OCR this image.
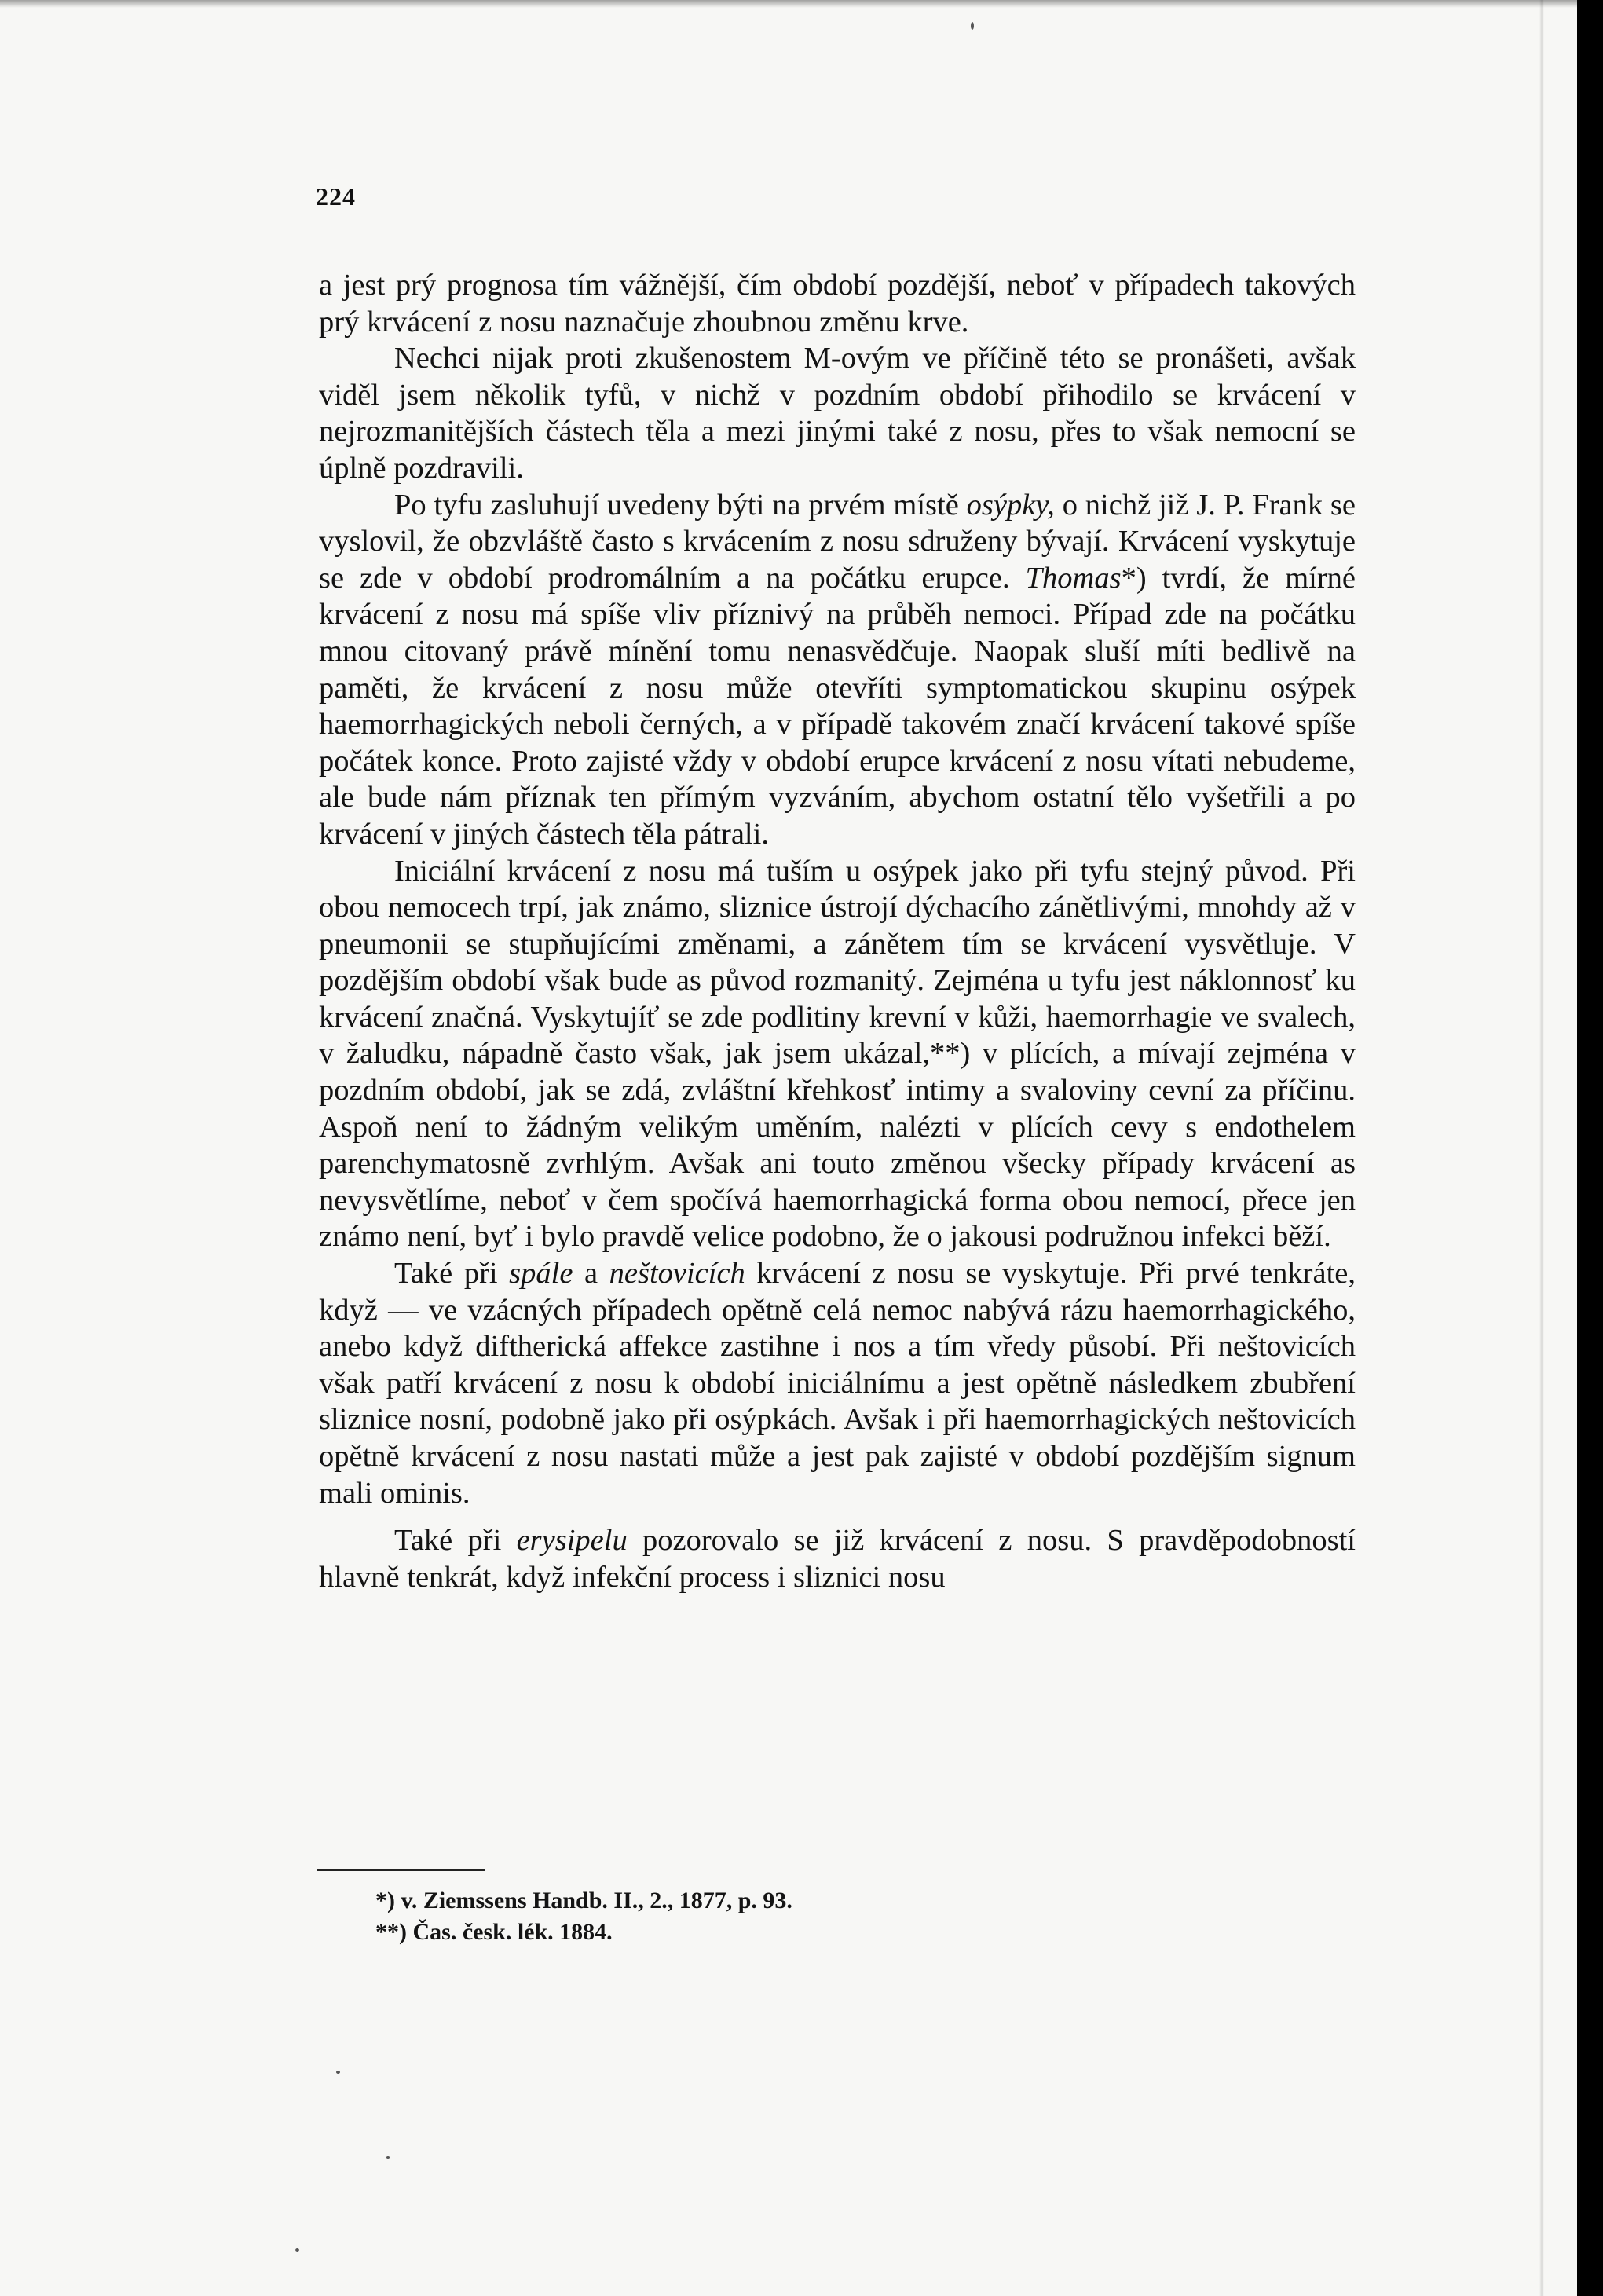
224

a jest prý prognosa tím vážnější, čím období pozdější, neboť v případech takových prý krvácení z nosu naznačuje zhoubnou změnu krve.

Nechci nijak proti zkušenostem M-ovým ve příčině této se pronášeti, avšak viděl jsem několik tyfů, v nichž v pozdním období přihodilo se krvácení v nejrozmanitějších částech těla a mezi jinými také z nosu, přes to však nemocní se úplně pozdravili.

Po tyfu zasluhují uvedeny býti na prvém místě osýpky, o nichž již J. P. Frank se vyslovil, že obzvláště často s krvácením z nosu sdruženy bývají. Krvácení vyskytuje se zde v období prodromálním a na počátku erupce. Thomas*) tvrdí, že mírné krvácení z nosu má spíše vliv příznivý na průběh nemoci. Případ zde na počátku mnou citovaný právě mínění tomu nenasvědčuje. Naopak sluší míti bedlivě na paměti, že krvácení z nosu může otevříti symptomatickou skupinu osýpek haemorrhagických neboli černých, a v případě takovém značí krvácení takové spíše počátek konce. Proto zajisté vždy v období erupce krvácení z nosu vítati nebudeme, ale bude nám příznak ten přímým vyzváním, abychom ostatní tělo vyšetřili a po krvácení v jiných částech těla pátrali.

Iniciální krvácení z nosu má tuším u osýpek jako při tyfu stejný původ. Při obou nemocech trpí, jak známo, sliznice ústrojí dýchacího zánětlivými, mnohdy až v pneumonii se stupňujícími změnami, a zánětem tím se krvácení vysvětluje. V pozdějším období však bude as původ rozmanitý. Zejména u tyfu jest náklonnosť ku krvácení značná. Vyskytujíť se zde podlitiny krevní v kůži, haemorrhagie ve svalech, v žaludku, nápadně často však, jak jsem ukázal,**) v plících, a mívají zejména v pozdním období, jak se zdá, zvláštní křehkosť intimy a svaloviny cevní za příčinu. Aspoň není to žádným velikým uměním, nalézti v plících cevy s endothelem parenchymatosně zvrhlým. Avšak ani touto změnou všecky případy krvácení as nevysvětlíme, neboť v čem spočívá haemorrhagická forma obou nemocí, přece jen známo není, byť i bylo pravdě velice podobno, že o jakousi podružnou infekci běží.

Také při spále a neštovicích krvácení z nosu se vyskytuje. Při prvé tenkráte, když — ve vzácných případech opětně celá nemoc nabývá rázu haemorrhagického, anebo když diftherická affekce zastihne i nos a tím vředy působí. Při neštovicích však patří krvácení z nosu k období iniciálnímu a jest opětně následkem zbubření sliznice nosní, podobně jako při osýpkách. Avšak i při haemorrhagických neštovicích opětně krvácení z nosu nastati může a jest pak zajisté v období pozdějším signum mali ominis.

Také při erysipelu pozorovalo se již krvácení z nosu. S pravděpodobností hlavně tenkrát, když infekční process i sliznici nosu

*) v. Ziemssens Handb. II., 2., 1877, p. 93.
**) Čas. česk. lék. 1884.
